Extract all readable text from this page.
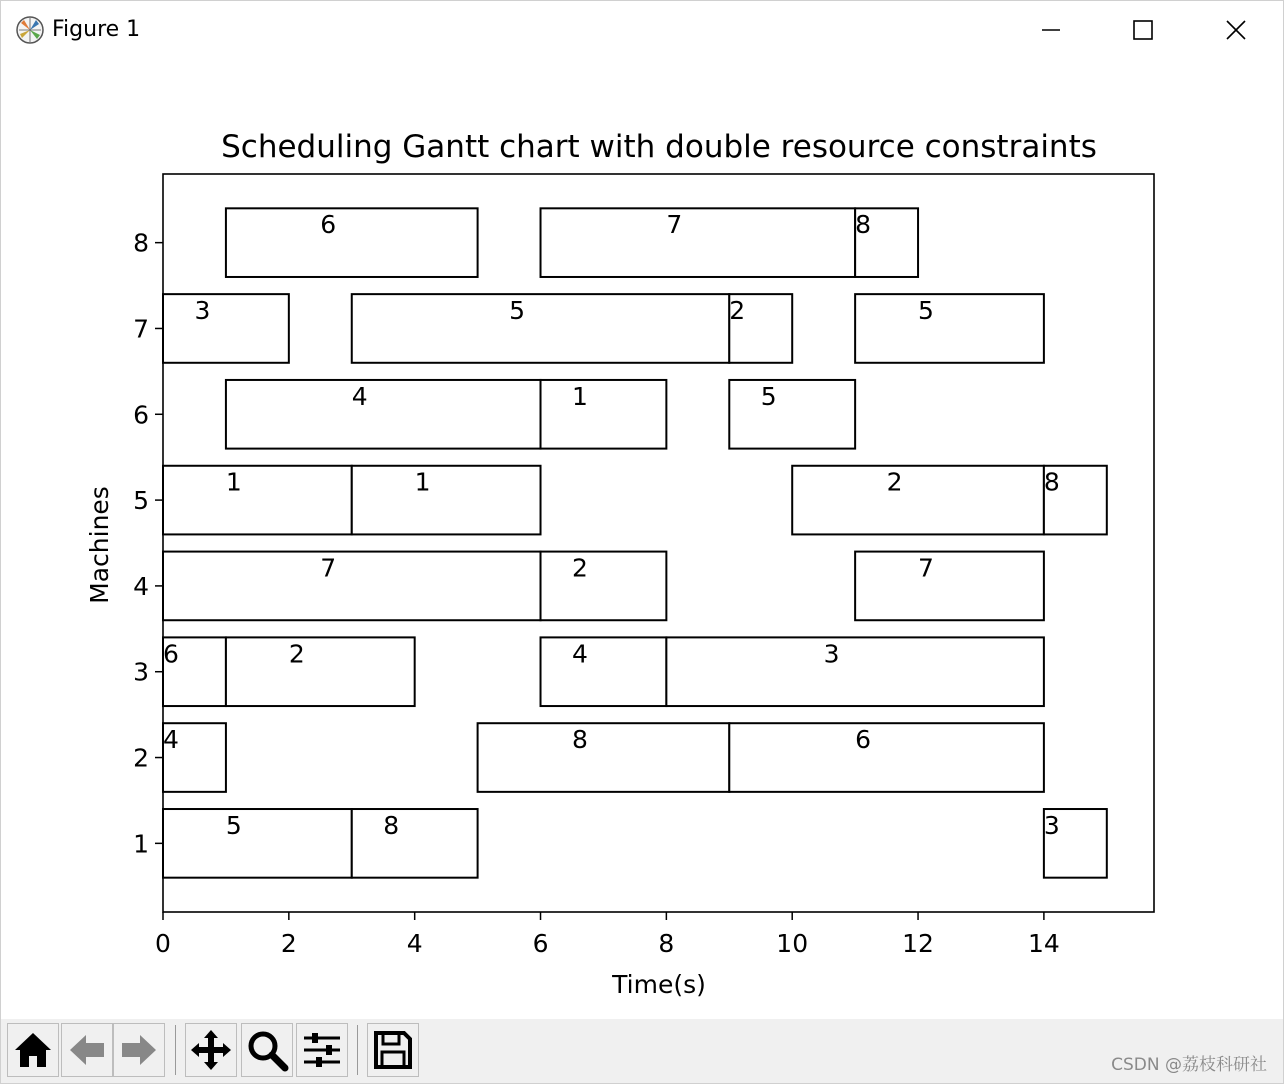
Figure 1
Scheduling Gantt chart with double resource constraints
6	7	8
3	5	2	5
4	1	5
1	1	2	8
7	2	7
6	2	4	3
4	8	6
5	8	3
0	2	4	6	8	10	12	14
1
2
3
4
5
6
7
8
Time(s)
Machines
CSDN @荔枝科研社
